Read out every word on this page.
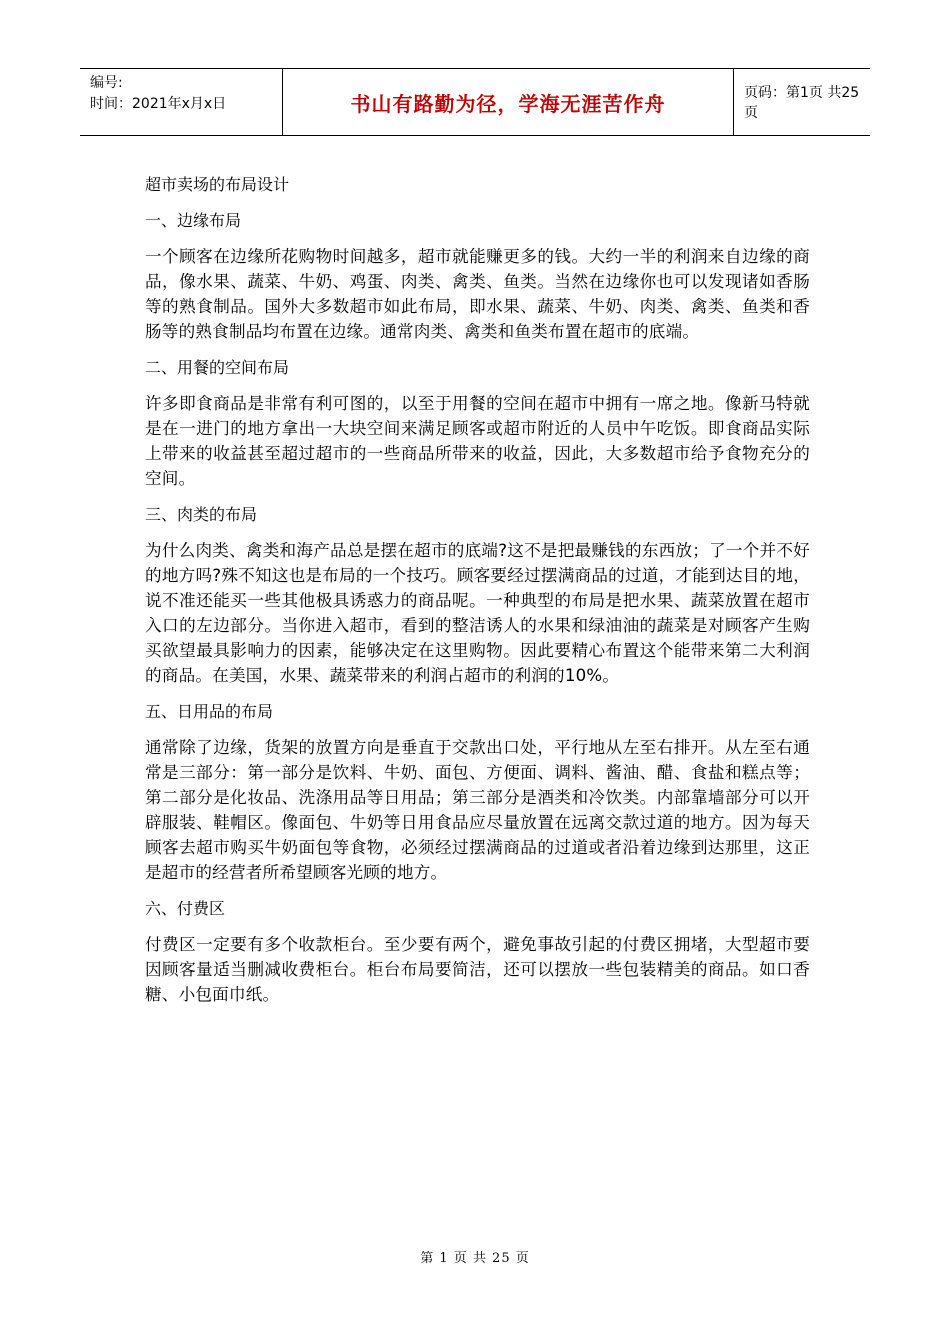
编号:
时间：2021年x月x日	书山有路勤为径，学海无涯苦作舟	页码：第1页 共25页

超市卖场的布局设计

一、边缘布局

一个顾客在边缘所花购物时间越多，超市就能赚更多的钱。大约一半的利润来自边缘的商品，像水果、蔬菜、牛奶、鸡蛋、肉类、禽类、鱼类。当然在边缘你也可以发现诸如香肠等的熟食制品。国外大多数超市如此布局，即水果、蔬菜、牛奶、肉类、禽类、鱼类和香肠等的熟食制品均布置在边缘。通常肉类、禽类和鱼类布置在超市的底端。

二、用餐的空间布局

许多即食商品是非常有利可图的，以至于用餐的空间在超市中拥有一席之地。像新马特就是在一进门的地方拿出一大块空间来满足顾客或超市附近的人员中午吃饭。即食商品实际上带来的收益甚至超过超市的一些商品所带来的收益，因此，大多数超市给予食物充分的空间。

三、肉类的布局

为什么肉类、禽类和海产品总是摆在超市的底端?这不是把最赚钱的东西放；了一个并不好的地方吗?殊不知这也是布局的一个技巧。顾客要经过摆满商品的过道，才能到达目的地，说不准还能买一些其他极具诱惑力的商品呢。一种典型的布局是把水果、蔬菜放置在超市入口的左边部分。当你进入超市，看到的整洁诱人的水果和绿油油的蔬菜是对顾客产生购买欲望最具影响力的因素，能够决定在这里购物。因此要精心布置这个能带来第二大利润的商品。在美国，水果、蔬菜带来的利润占超市的利润的10%。

五、日用品的布局

通常除了边缘，货架的放置方向是垂直于交款出口处，平行地从左至右排开。从左至右通常是三部分：第一部分是饮料、牛奶、面包、方便面、调料、酱油、醋、食盐和糕点等；第二部分是化妆品、洗涤用品等日用品；第三部分是酒类和冷饮类。内部靠墙部分可以开辟服装、鞋帽区。像面包、牛奶等日用食品应尽量放置在远离交款过道的地方。因为每天顾客去超市购买牛奶面包等食物，必须经过摆满商品的过道或者沿着边缘到达那里，这正是超市的经营者所希望顾客光顾的地方。

六、付费区

付费区一定要有多个收款柜台。至少要有两个，避免事故引起的付费区拥堵，大型超市要因顾客量适当删减收费柜台。柜台布局要简洁，还可以摆放一些包装精美的商品。如口香糖、小包面巾纸。

第 1 页 共 25 页
